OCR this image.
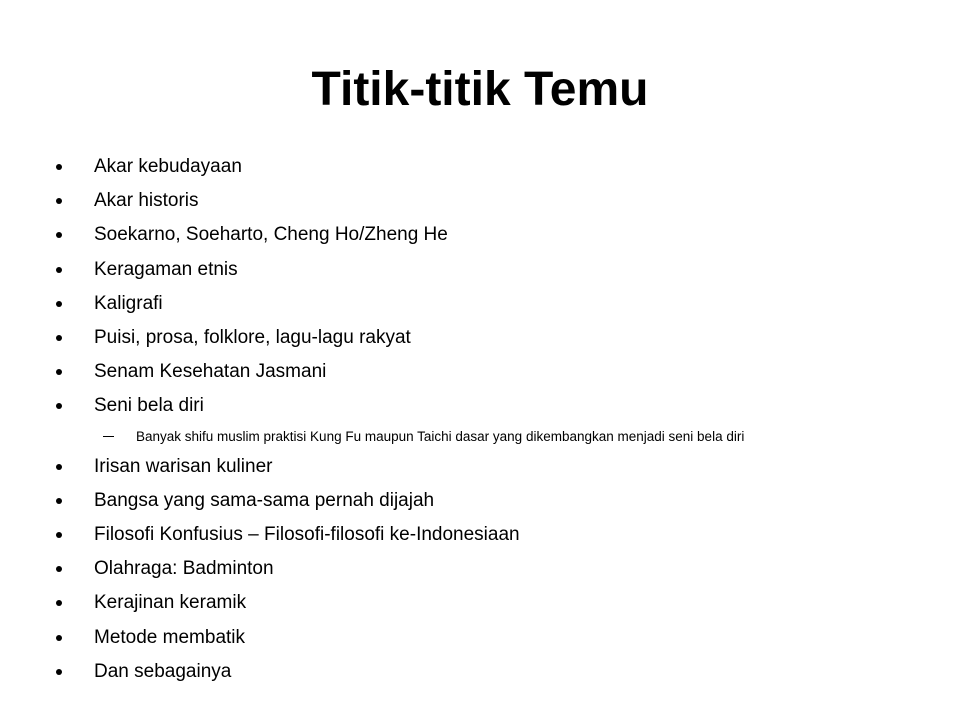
Titik-titik Temu
Akar kebudayaan
Akar historis
Soekarno, Soeharto, Cheng Ho/Zheng He
Keragaman etnis
Kaligrafi
Puisi, prosa, folklore, lagu-lagu rakyat
Senam Kesehatan Jasmani
Seni bela diri
Banyak shifu muslim praktisi Kung Fu maupun Taichi dasar yang dikembangkan menjadi seni bela diri
Irisan warisan kuliner
Bangsa yang sama-sama pernah dijajah
Filosofi Konfusius – Filosofi-filosofi ke-Indonesiaan
Olahraga: Badminton
Kerajinan keramik
Metode membatik
Dan sebagainya
